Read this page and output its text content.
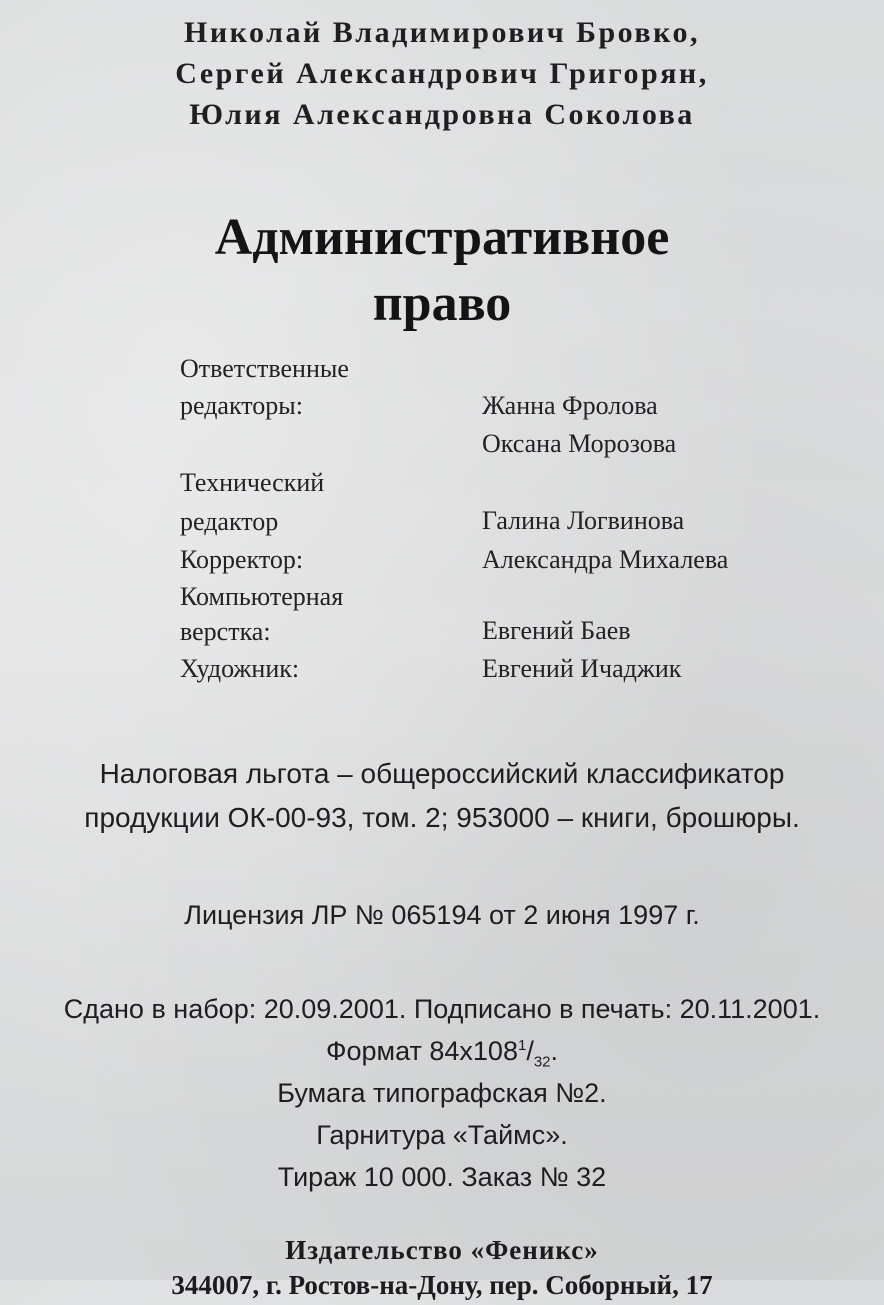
Николай Владимирович Бровко,
Сергей Александрович Григорян,
Юлия Александровна Соколова
Административное
право
Ответственные
редакторы:	Жанна Фролова
Оксана Морозова
Технический
редактор	Галина Логвинова
Корректор:	Александра Михалева
Компьютерная
верстка:	Евгений Баев
Художник:	Евгений Ичаджик
Налоговая льгота – общероссийский классификатор
продукции ОК-00-93, том. 2; 953000 – книги, брошюры.
Лицензия ЛР № 065194 от 2 июня 1997 г.
Сдано в набор: 20.09.2001. Подписано в печать: 20.11.2001.
Формат $84х108^1/_{32}$.
Бумага типографская №2.
Гарнитура «Таймс».
Тираж 10 000. Заказ № 32
Издательство «Феникс»
344007, г. Ростов-на-Дону, пер. Соборный, 17
